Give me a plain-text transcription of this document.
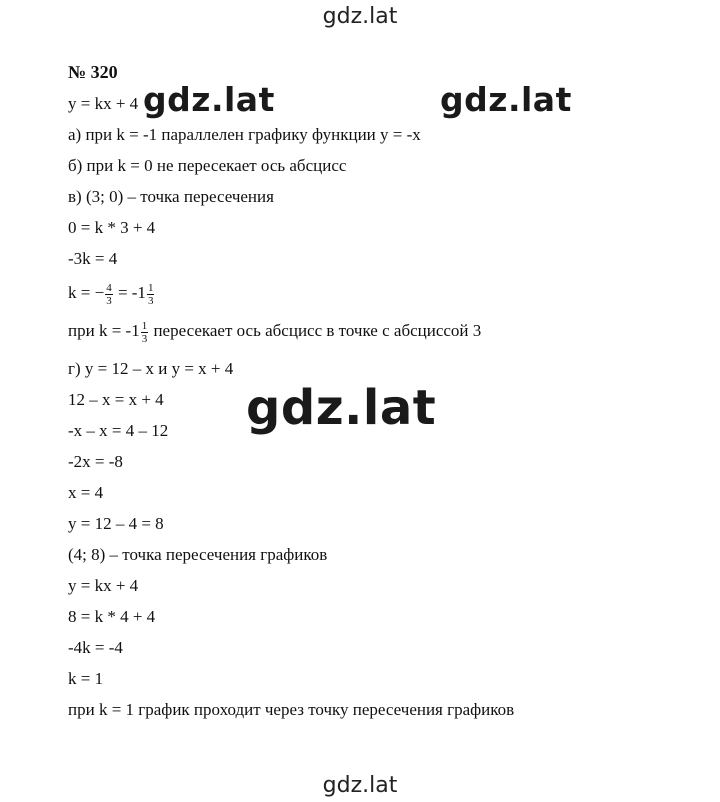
gdz.lat
№ 320
y = kx + 4
а) при k = -1 параллелен графику функции y = -x
б) при k = 0 не пересекает ось абсцисс
в) (3; 0) – точка пересечения
0 = k * 3 + 4
-3k = 4
k = − $\frac{4}{3} = -1 \frac{1}{3}$
при $k = -1 \frac{1}{3}$ пересекает ось абсцисс в точке с абсциссой 3
г) y = 12 – x и y = x + 4
12 – x = x + 4
-x – x = 4 – 12
-2x = -8
x = 4
y = 12 – 4 = 8
(4; 8) – точка пересечения графиков
y = kx + 4
8 = k * 4 + 4
-4k = -4
k = 1
при k = 1 график проходит через точку пересечения графиков
gdz.lat	gdz.lat
gdz.lat
gdz.lat
